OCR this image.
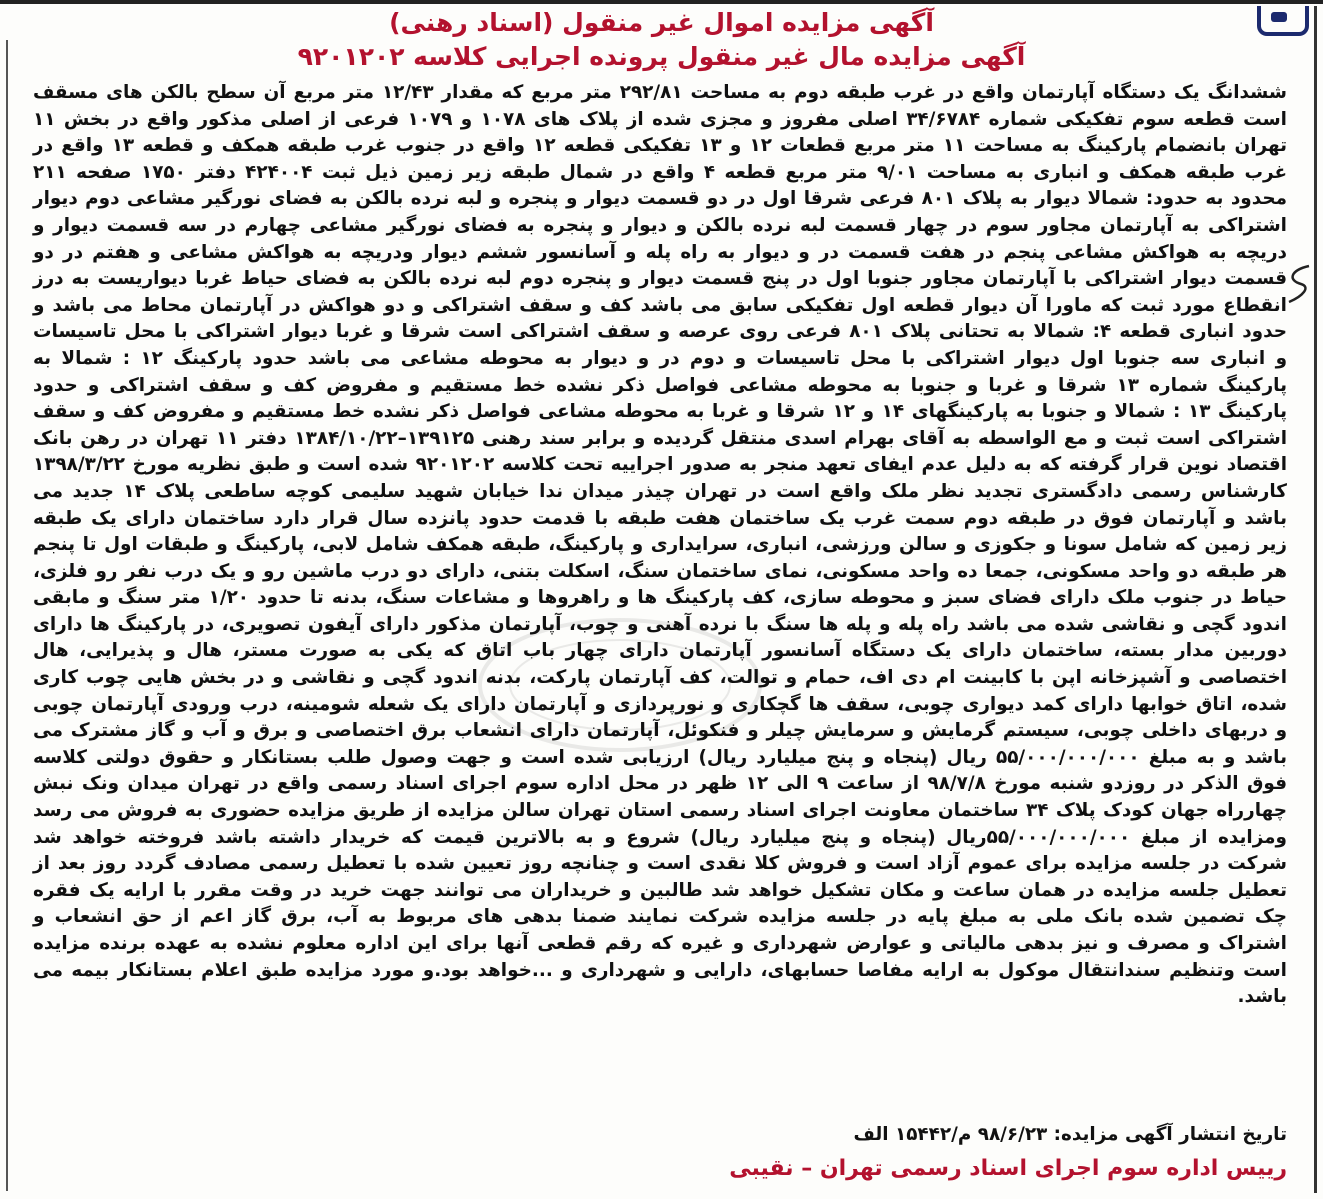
آگهی مزایده اموال غیر منقول (اسناد رهنی)
آگهی مزایده مال غیر منقول پرونده اجرایی کلاسه ۹۲۰۱۲۰۲

ششدانگ یک دستگاه آپارتمان واقع در غرب طبقه دوم به مساحت ۲۹۲/۸۱ متر مربع که مقدار ۱۲/۴۳ متر مربع آن سطح بالکن های مسقف است قطعه سوم تفکیکی شماره ۳۴/۶۷۸۴ اصلی مفروز و مجزی شده از پلاک های ۱۰۷۸ و ۱۰۷۹ فرعی از اصلی مذکور واقع در بخش ۱۱ تهران بانضمام پارکینگ به مساحت ۱۱ متر مربع قطعات ۱۲ و ۱۳ تفکیکی قطعه ۱۲ واقع در جنوب غرب طبقه همکف و قطعه ۱۳ واقع در غرب طبقه همکف و انباری به مساحت ۹/۰۱ متر مربع قطعه ۴ واقع در شمال طبقه زیر زمین ذیل ثبت ۴۲۴۰۰۴ دفتر ۱۷۵۰ صفحه ۲۱۱ محدود به حدود: شمالا دیوار به پلاک ۸۰۱ فرعی شرقا اول در دو قسمت دیوار و پنجره و لبه نرده بالکن به فضای نورگیر مشاعی دوم دیوار اشتراکی به آپارتمان مجاور سوم در چهار قسمت لبه نرده بالکن و دیوار و پنجره به فضای نورگیر مشاعی چهارم در سه قسمت دیوار و دریچه به هواکش مشاعی پنجم در هفت قسمت در و دیوار به راه پله و آسانسور ششم دیوار ودریچه به هواکش مشاعی و هفتم در دو قسمت دیوار اشتراکی با آپارتمان مجاور جنوبا اول در پنج قسمت دیوار و پنجره دوم لبه نرده بالکن به فضای حیاط غربا دیواریست به درز انقطاع مورد ثبت که ماورا آن دیوار قطعه اول تفکیکی سابق می باشد کف و سقف اشتراکی و دو هواکش در آپارتمان محاط می باشد و حدود انباری قطعه ۴: شمالا به تحتانی پلاک ۸۰۱ فرعی روی عرصه و سقف اشتراکی است شرقا و غربا دیوار اشتراکی با محل تاسیسات و انباری سه جنوبا اول دیوار اشتراکی با محل تاسیسات و دوم در و دیوار به محوطه مشاعی می باشد حدود پارکینگ ۱۲ : شمالا به پارکینگ شماره ۱۳ شرقا و غربا و جنوبا به محوطه مشاعی فواصل ذکر نشده خط مستقیم و مفروض کف و سقف اشتراکی و حدود پارکینگ ۱۳ : شمالا و جنوبا به پارکینگهای ۱۴ و ۱۲ شرقا و غربا به محوطه مشاعی فواصل ذکر نشده خط مستقیم و مفروض کف و سقف اشتراکی است ثبت و مع الواسطه به آقای بهرام اسدی منتقل گردیده و برابر سند رهنی ۱۳۹۱۲۵–۱۳۸۴/۱۰/۲۲ دفتر ۱۱ تهران در رهن بانک اقتصاد نوین قرار گرفته که به دلیل عدم ایفای تعهد منجر به صدور اجراییه تحت کلاسه ۹۲۰۱۲۰۲ شده است و طبق نظریه مورخ ۱۳۹۸/۳/۲۲ کارشناس رسمی دادگستری تجدید نظر ملک واقع است در تهران چیذر میدان ندا خیابان شهید سلیمی کوچه ساطعی پلاک ۱۴ جدید می باشد و آپارتمان فوق در طبقه دوم سمت غرب یک ساختمان هفت طبقه با قدمت حدود پانزده سال قرار دارد ساختمان دارای یک طبقه زیر زمین که شامل سونا و جکوزی و سالن ورزشی، انباری، سرایداری و پارکینگ، طبقه همکف شامل لابی، پارکینگ و طبقات اول تا پنجم هر طبقه دو واحد مسکونی، جمعا ده واحد مسکونی، نمای ساختمان سنگ، اسکلت بتنی، دارای دو درب ماشین رو و یک درب نفر رو فلزی، حیاط در جنوب ملک دارای فضای سبز و محوطه سازی، کف پارکینگ ها و راهروها و مشاعات سنگ، بدنه تا حدود ۱/۲۰ متر سنگ و مابقی اندود گچی و نقاشی شده می باشد راه پله و پله ها سنگ با نرده آهنی و چوب، آپارتمان مذکور دارای آیفون تصویری، در پارکینگ ها دارای دوربین مدار بسته، ساختمان دارای یک دستگاه آسانسور آپارتمان دارای چهار باب اتاق که یکی به صورت مستر، هال و پذیرایی، هال اختصاصی و آشپزخانه اپن با کابینت ام دی اف، حمام و توالت، کف آپارتمان پارکت، بدنه اندود گچی و نقاشی و در بخش هایی چوب کاری شده، اتاق خوابها دارای کمد دیواری چوبی، سقف ها گچکاری و نورپردازی و آپارتمان دارای یک شعله شومینه، درب ورودی آپارتمان چوبی و دربهای داخلی چوبی، سیستم گرمایش و سرمایش چیلر و فنکوئل، آپارتمان دارای انشعاب برق اختصاصی و برق و آب و گاز مشترک می باشد و به مبلغ ۵۵/۰۰۰/۰۰۰/۰۰۰ ریال (پنجاه و پنج میلیارد ریال) ارزیابی شده است و جهت وصول طلب بستانکار و حقوق دولتی کلاسه فوق الذکر در روزدو شنبه مورخ ۹۸/۷/۸ از ساعت ۹ الی ۱۲ ظهر در محل اداره سوم اجرای اسناد رسمی واقع در تهران میدان ونک نبش چهارراه جهان کودک پلاک ۳۴ ساختمان معاونت اجرای اسناد رسمی استان تهران سالن مزایده از طریق مزایده حضوری به فروش می رسد ومزایده از مبلغ ۵۵/۰۰۰/۰۰۰/۰۰۰ریال (پنجاه و پنج میلیارد ریال) شروع و به بالاترین قیمت که خریدار داشته باشد فروخته خواهد شد شرکت در جلسه مزایده برای عموم آزاد است و فروش کلا نقدی است و چنانچه روز تعیین شده با تعطیل رسمی مصادف گردد روز بعد از تعطیل جلسه مزایده در همان ساعت و مکان تشکیل خواهد شد طالبین و خریداران می توانند جهت خرید در وقت مقرر با ارایه یک فقره چک تضمین شده بانک ملی به مبلغ پایه در جلسه مزایده شرکت نمایند ضمنا بدهی های مربوط به آب، برق گاز اعم از حق انشعاب و اشتراک و مصرف و نیز بدهی مالیاتی و عوارض شهرداری و غیره که رقم قطعی آنها برای این اداره معلوم نشده به عهده برنده مزایده است وتنظیم سندانتقال موکول به ارایه مفاصا حسابهای، دارایی و شهرداری و ...خواهد بود.و مورد مزایده طبق اعلام بستانکار بیمه می باشد.

تاریخ انتشار آگهی مزایده: ۹۸/۶/۲۳ م/۱۵۴۴۲ الف
رییس اداره سوم اجرای اسناد رسمی تهران – نقیبی
